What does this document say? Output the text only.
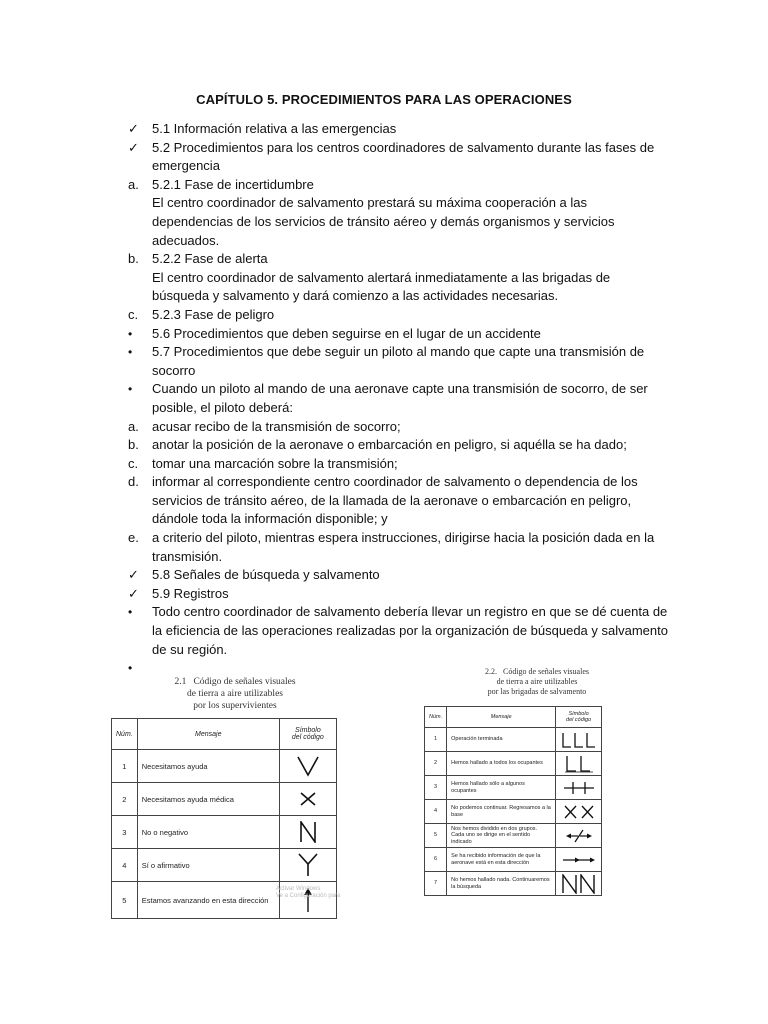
CAPÍTULO 5. PROCEDIMIENTOS PARA LAS OPERACIONES
✓	5.1 Información relativa a las emergencias
✓	5.2 Procedimientos para los centros coordinadores de salvamento durante las fases de emergencia
a.	5.2.1 Fase de incertidumbre
El centro coordinador de salvamento prestará su máxima cooperación a las dependencias de los servicios de tránsito aéreo y demás organismos y servicios adecuados.
b.	5.2.2 Fase de alerta
El centro coordinador de salvamento alertará inmediatamente a las brigadas de búsqueda y salvamento y dará comienzo a las actividades necesarias.
c.	5.2.3 Fase de peligro
•	5.6 Procedimientos que deben seguirse en el lugar de un accidente
•	5.7 Procedimientos que debe seguir un piloto al mando que capte una transmisión de socorro
•	Cuando un piloto al mando de una aeronave capte una transmisión de socorro, de ser posible, el piloto deberá:
a.	acusar recibo de la transmisión de socorro;
b.	anotar la posición de la aeronave o embarcación en peligro, si aquélla se ha dado;
c.	tomar una marcación sobre la transmisión;
d.	informar al correspondiente centro coordinador de salvamento o dependencia de los servicios de tránsito aéreo, de la llamada de la aeronave o embarcación en peligro, dándole toda la información disponible; y
e.	a criterio del piloto, mientras espera instrucciones, dirigirse hacia la posición dada en la transmisión.
✓	5.8 Señales de búsqueda y salvamento
✓	5.9 Registros
•	Todo centro coordinador de salvamento debería llevar un registro en que se dé cuenta de la eficiencia de las operaciones realizadas por la organización de búsqueda y salvamento de su región.
•

2.1 Código de señales visuales
de tierra a aire utilizables
por los supervivientes
Núm.	Mensaje	Símbolo
del código

1	Necesitamos ayuda	

2	Necesitamos ayuda médica	

3	No o negativo	

4	Sí o afirmativo	

5	Estamos avanzando en esta dirección	
Activar Windows
Ve a Configuración para
2.2. Código de señales visuales
de tierra a aire utilizables
por las brigadas de salvamento
Núm.	Mensaje	Símbolo
del código

1	Operación terminada	

2	Hemos hallado a todos los ocupantes	

3	Hemos hallado sólo a algunos ocupantes	

4	No podemos continuar. Regresamos a la base	

5	Nos hemos dividido en dos grupos. Cada uno se dirige en el sentido indicado	

6	Se ha recibido información de que la aeronave está en esta dirección	

7	No hemos hallado nada. Continuaremos la búsqueda	
